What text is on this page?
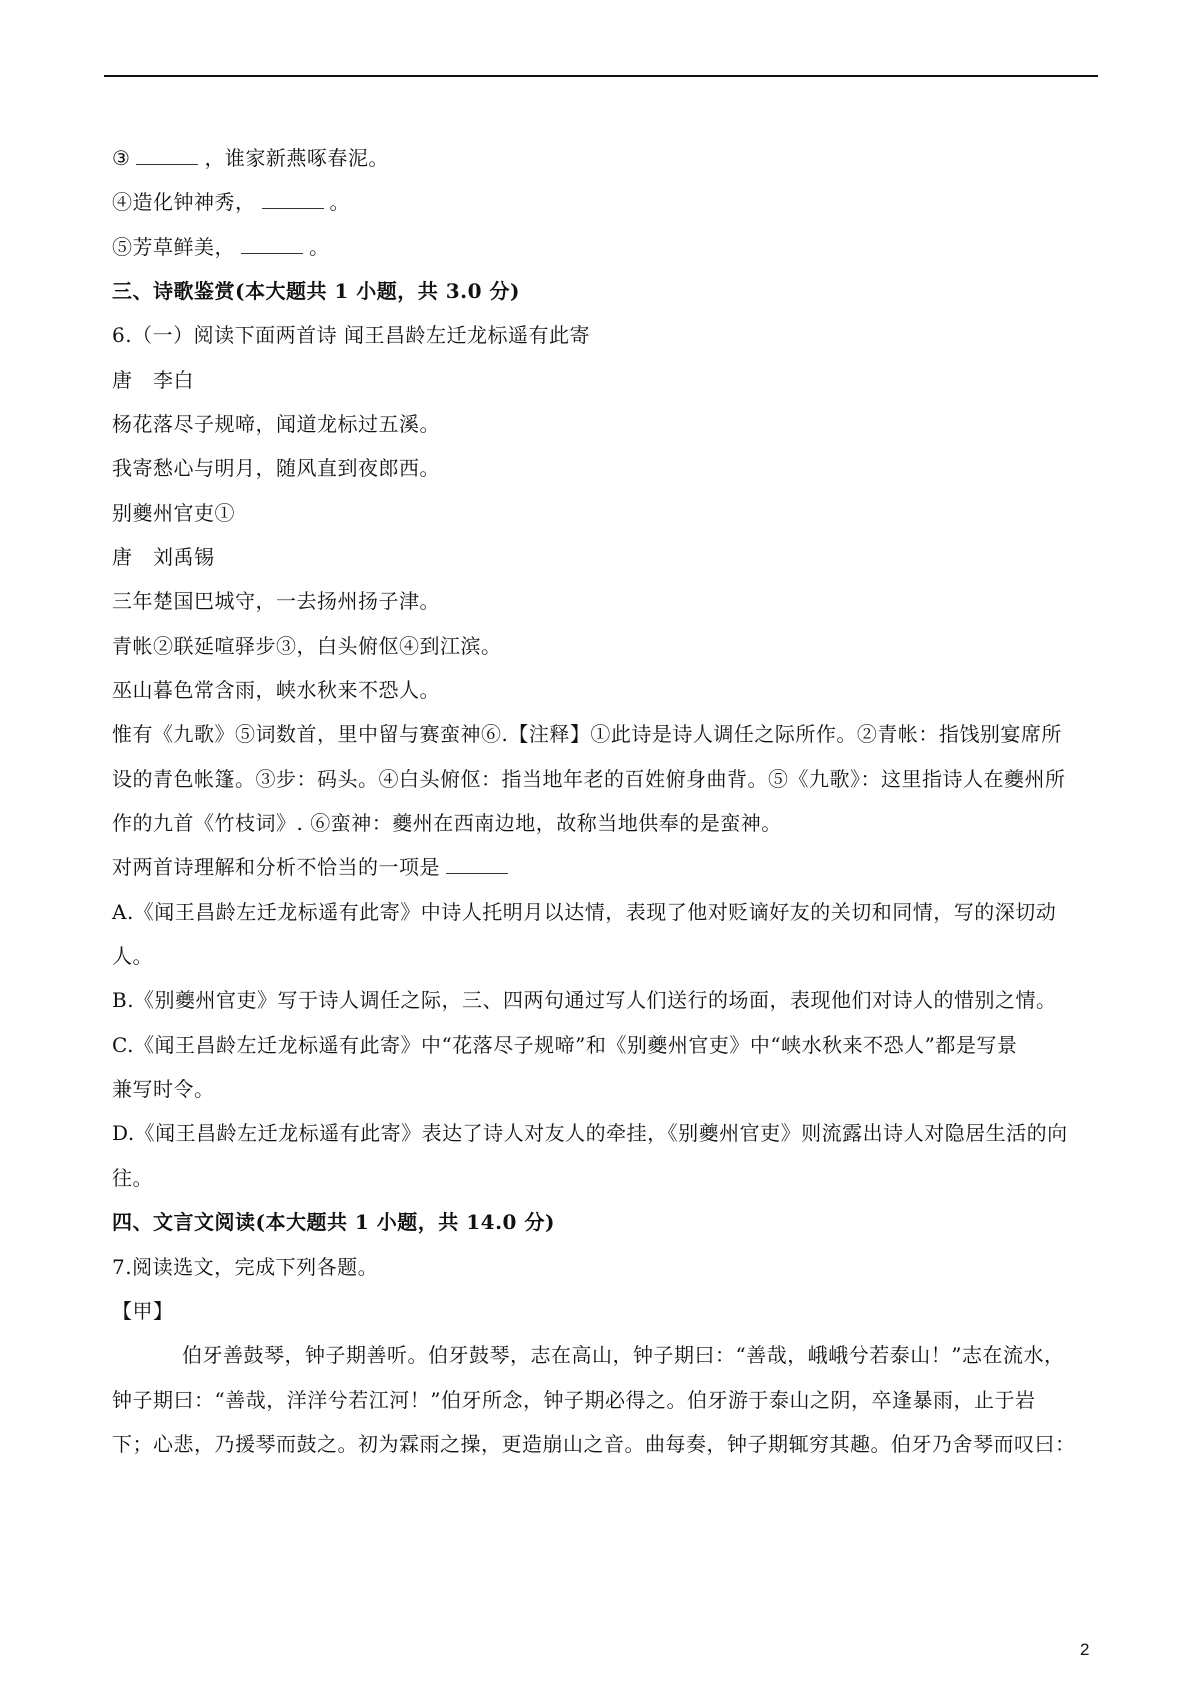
③	，谁家新燕啄春泥。
④造化钟神秀，	。
⑤芳草鲜美，	。
三、诗歌鉴赏(本大题共 1 小题，共 3.0 分)
6.（一）阅读下面两首诗 闻王昌龄左迁龙标遥有此寄
唐　李白
杨花落尽子规啼，闻道龙标过五溪。
我寄愁心与明月，随风直到夜郎西。
别夔州官吏①
唐　刘禹锡
三年楚国巴城守，一去扬州扬子津。
青帐②联延喧驿步③，白头俯伛④到江滨。
巫山暮色常含雨，峡水秋来不恐人。
惟有《九歌》⑤词数首，里中留与赛蛮神⑥.【注释】①此诗是诗人调任之际所作。②青帐：指饯别宴席所
设的青色帐篷。③步：码头。④白头俯伛：指当地年老的百姓俯身曲背。⑤《九歌》：这里指诗人在夔州所
作的九首《竹枝词》. ⑥蛮神：夔州在西南边地，故称当地供奉的是蛮神。
对两首诗理解和分析不恰当的一项是
A.《闻王昌龄左迁龙标遥有此寄》中诗人托明月以达情，表现了他对贬谪好友的关切和同情，写的深切动
人。
B.《别夔州官吏》写于诗人调任之际，三、四两句通过写人们送行的场面，表现他们对诗人的惜别之情。
C.《闻王昌龄左迁龙标遥有此寄》中“花落尽子规啼”和《别夔州官吏》中“峡水秋来不恐人”都是写景
兼写时令。
D.《闻王昌龄左迁龙标遥有此寄》表达了诗人对友人的牵挂，《别夔州官吏》则流露出诗人对隐居生活的向
往。
四、文言文阅读(本大题共 1 小题，共 14.0 分)
7.阅读选文，完成下列各题。
【甲】
伯牙善鼓琴，钟子期善听。伯牙鼓琴，志在高山，钟子期曰：“善哉，峨峨兮若泰山！”志在流水，
钟子期曰：“善哉，洋洋兮若江河！”伯牙所念，钟子期必得之。伯牙游于泰山之阴，卒逢暴雨，止于岩
下；心悲，乃援琴而鼓之。初为霖雨之操，更造崩山之音。曲每奏，钟子期辄穷其趣。伯牙乃舍琴而叹曰：
2
